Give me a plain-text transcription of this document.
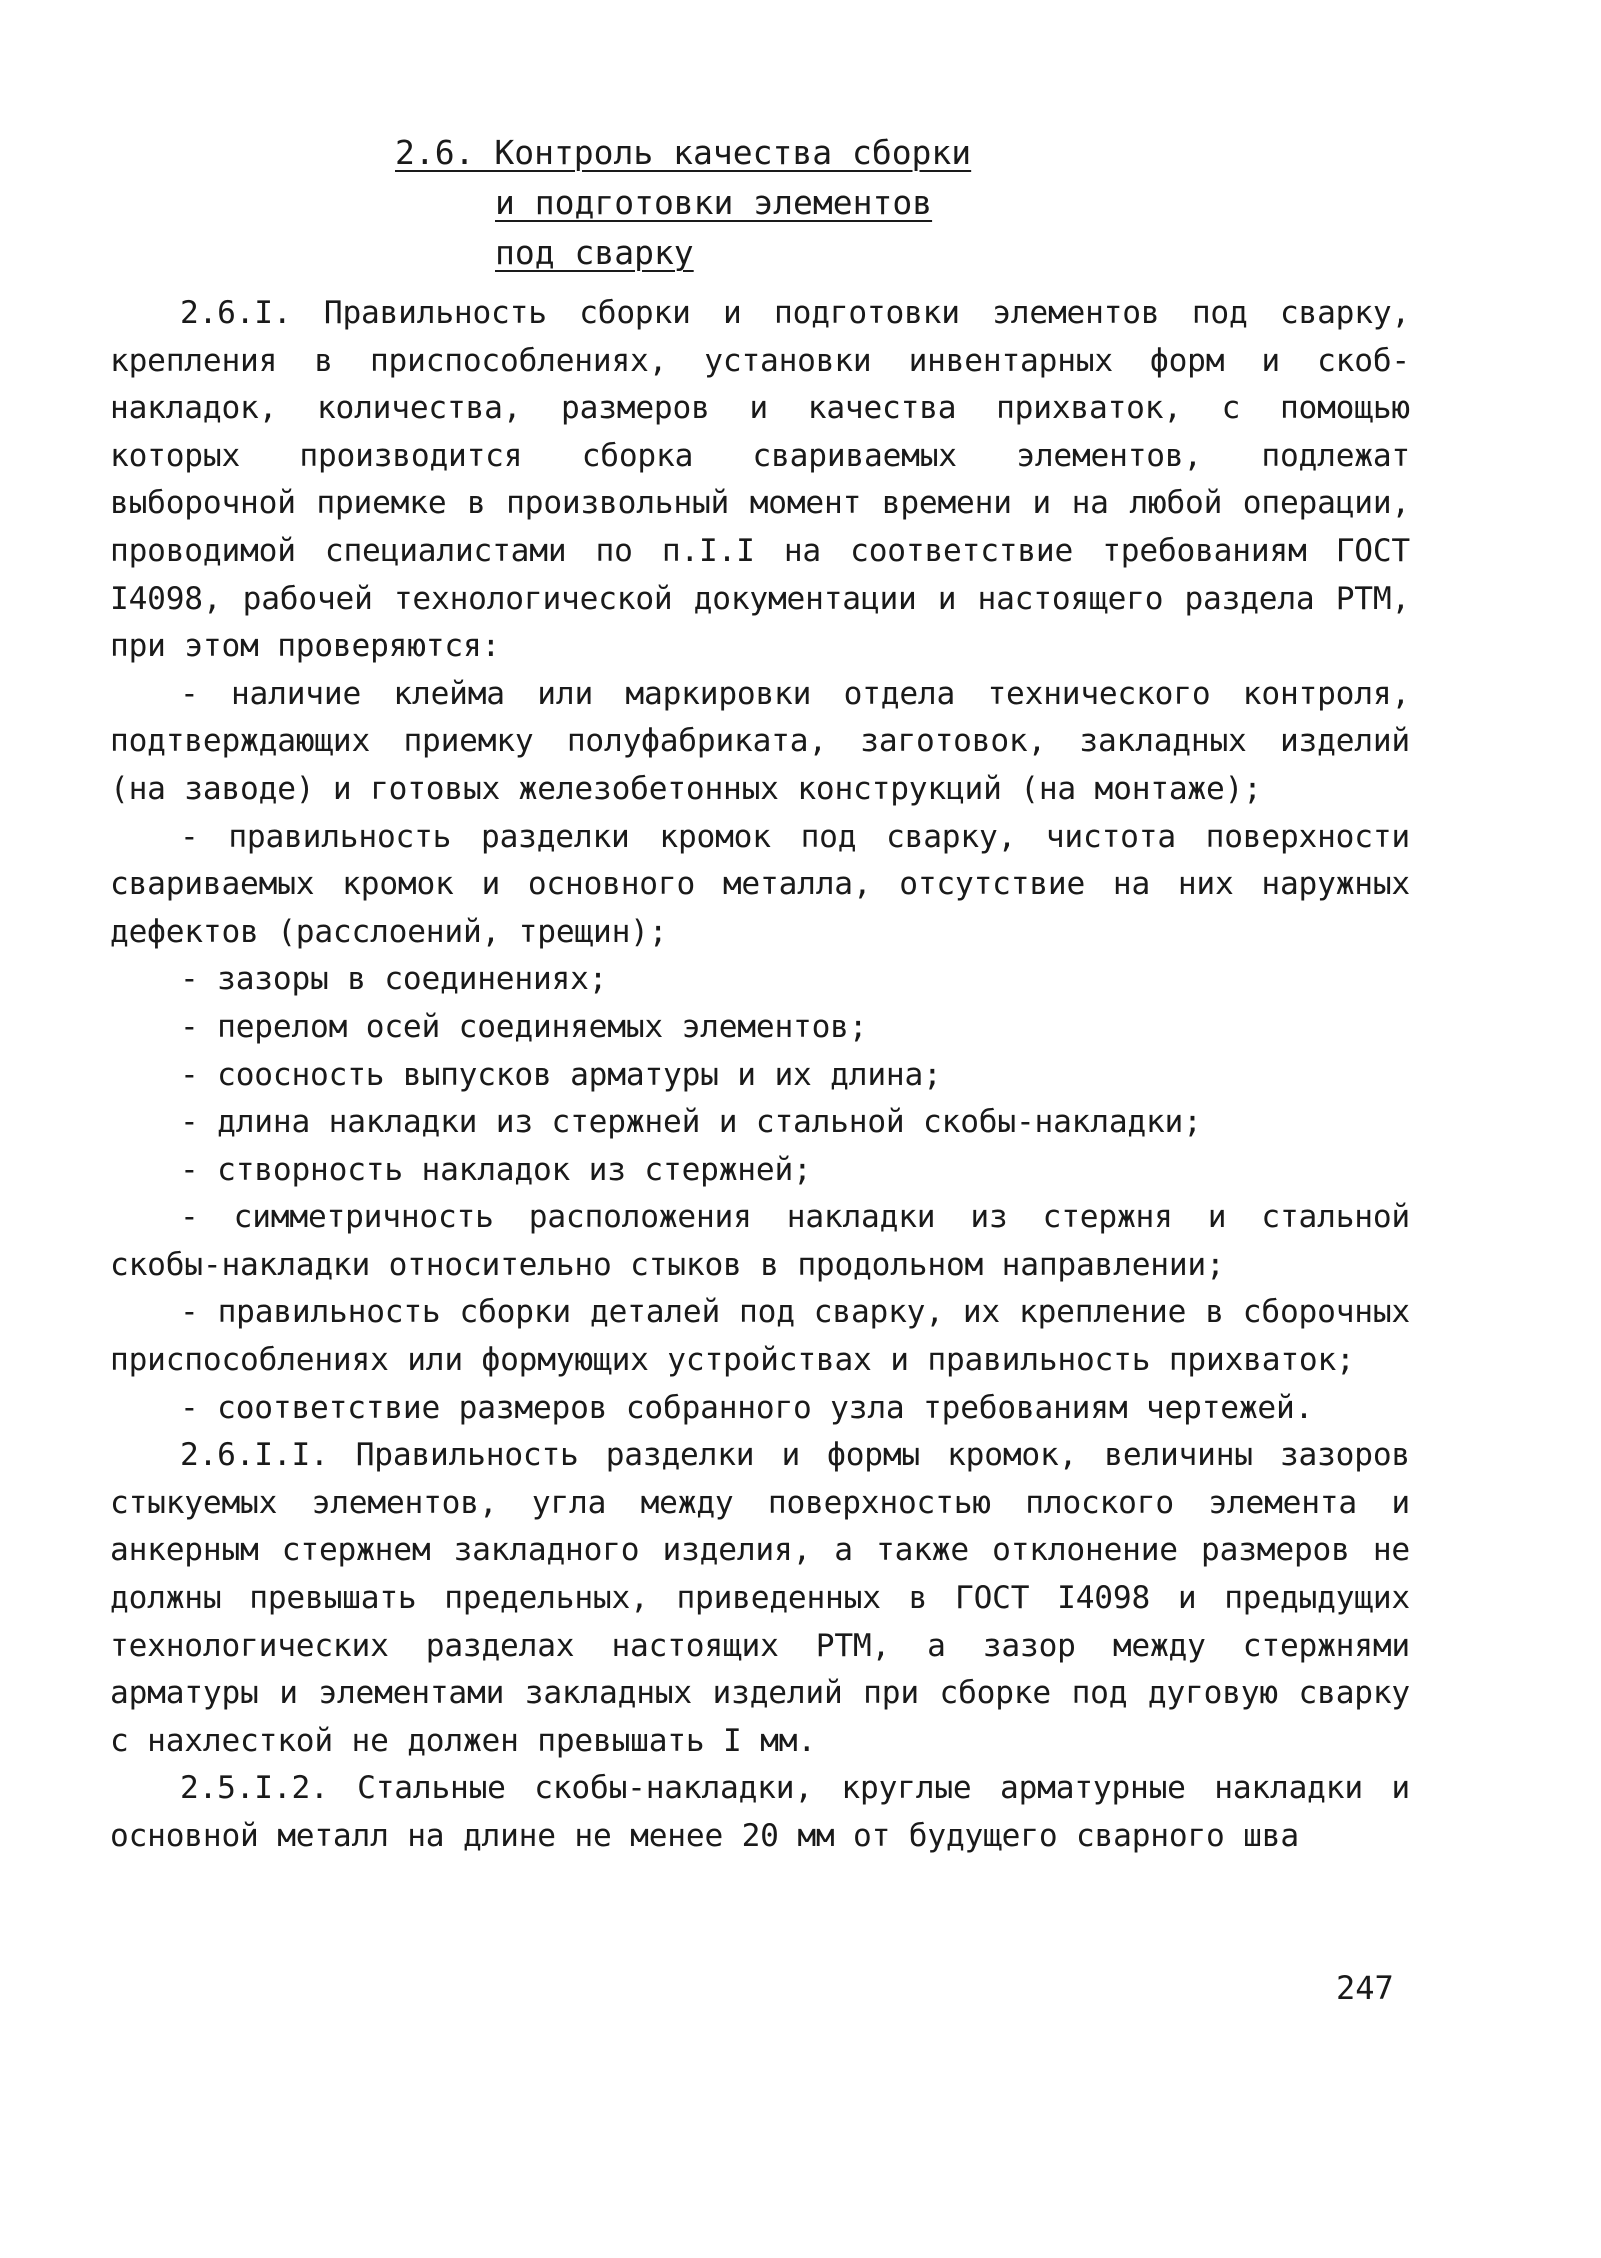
2.6. Контроль качества сборки
и подготовки элементов
под сварку

2.6.I. Правильность сборки и подготовки элементов под сварку, крепления в приспособлениях, установки инвентарных форм и скоб-накладок, количества, размеров и качества прихваток, с помощью которых производится сборка свариваемых элементов, подлежат выборочной приемке в произвольный момент времени и на любой операции, проводимой специалистами по п.I.I на соответствие требованиям ГОСТ I4098, рабочей технологической документации и настоящего раздела РТМ, при этом проверяются:

- наличие клейма или маркировки отдела технического контроля, подтверждающих приемку полуфабриката, заготовок, закладных изделий (на заводе) и готовых железобетонных конструкций (на монтаже);

- правильность разделки кромок под сварку, чистота поверхности свариваемых кромок и основного металла, отсутствие на них наружных дефектов (расслоений, трещин);

- зазоры в соединениях;

- перелом осей соединяемых элементов;

- соосность выпусков арматуры и их длина;

- длина накладки из стержней и стальной скобы-накладки;

- створность накладок из стержней;

- симметричность расположения накладки из стержня и стальной скобы-накладки относительно стыков в продольном направлении;

- правильность сборки деталей под сварку, их крепление в сборочных приспособлениях или формующих устройствах и правильность прихваток;

- соответствие размеров собранного узла требованиям чертежей.

2.6.I.I. Правильность разделки и формы кромок, величины зазоров стыкуемых элементов, угла между поверхностью плоского элемента и анкерным стержнем закладного изделия, а также отклонение размеров не должны превышать предельных, приведенных в ГОСТ I4098 и предыдущих технологических разделах настоящих РТМ, а зазор между стержнями арматуры и элементами закладных изделий при сборке под дуговую сварку с нахлесткой не должен превышать I мм.

2.5.I.2. Стальные скобы-накладки, круглые арматурные накладки и основной металл на длине не менее 20 мм от будущего сварного шва

247
